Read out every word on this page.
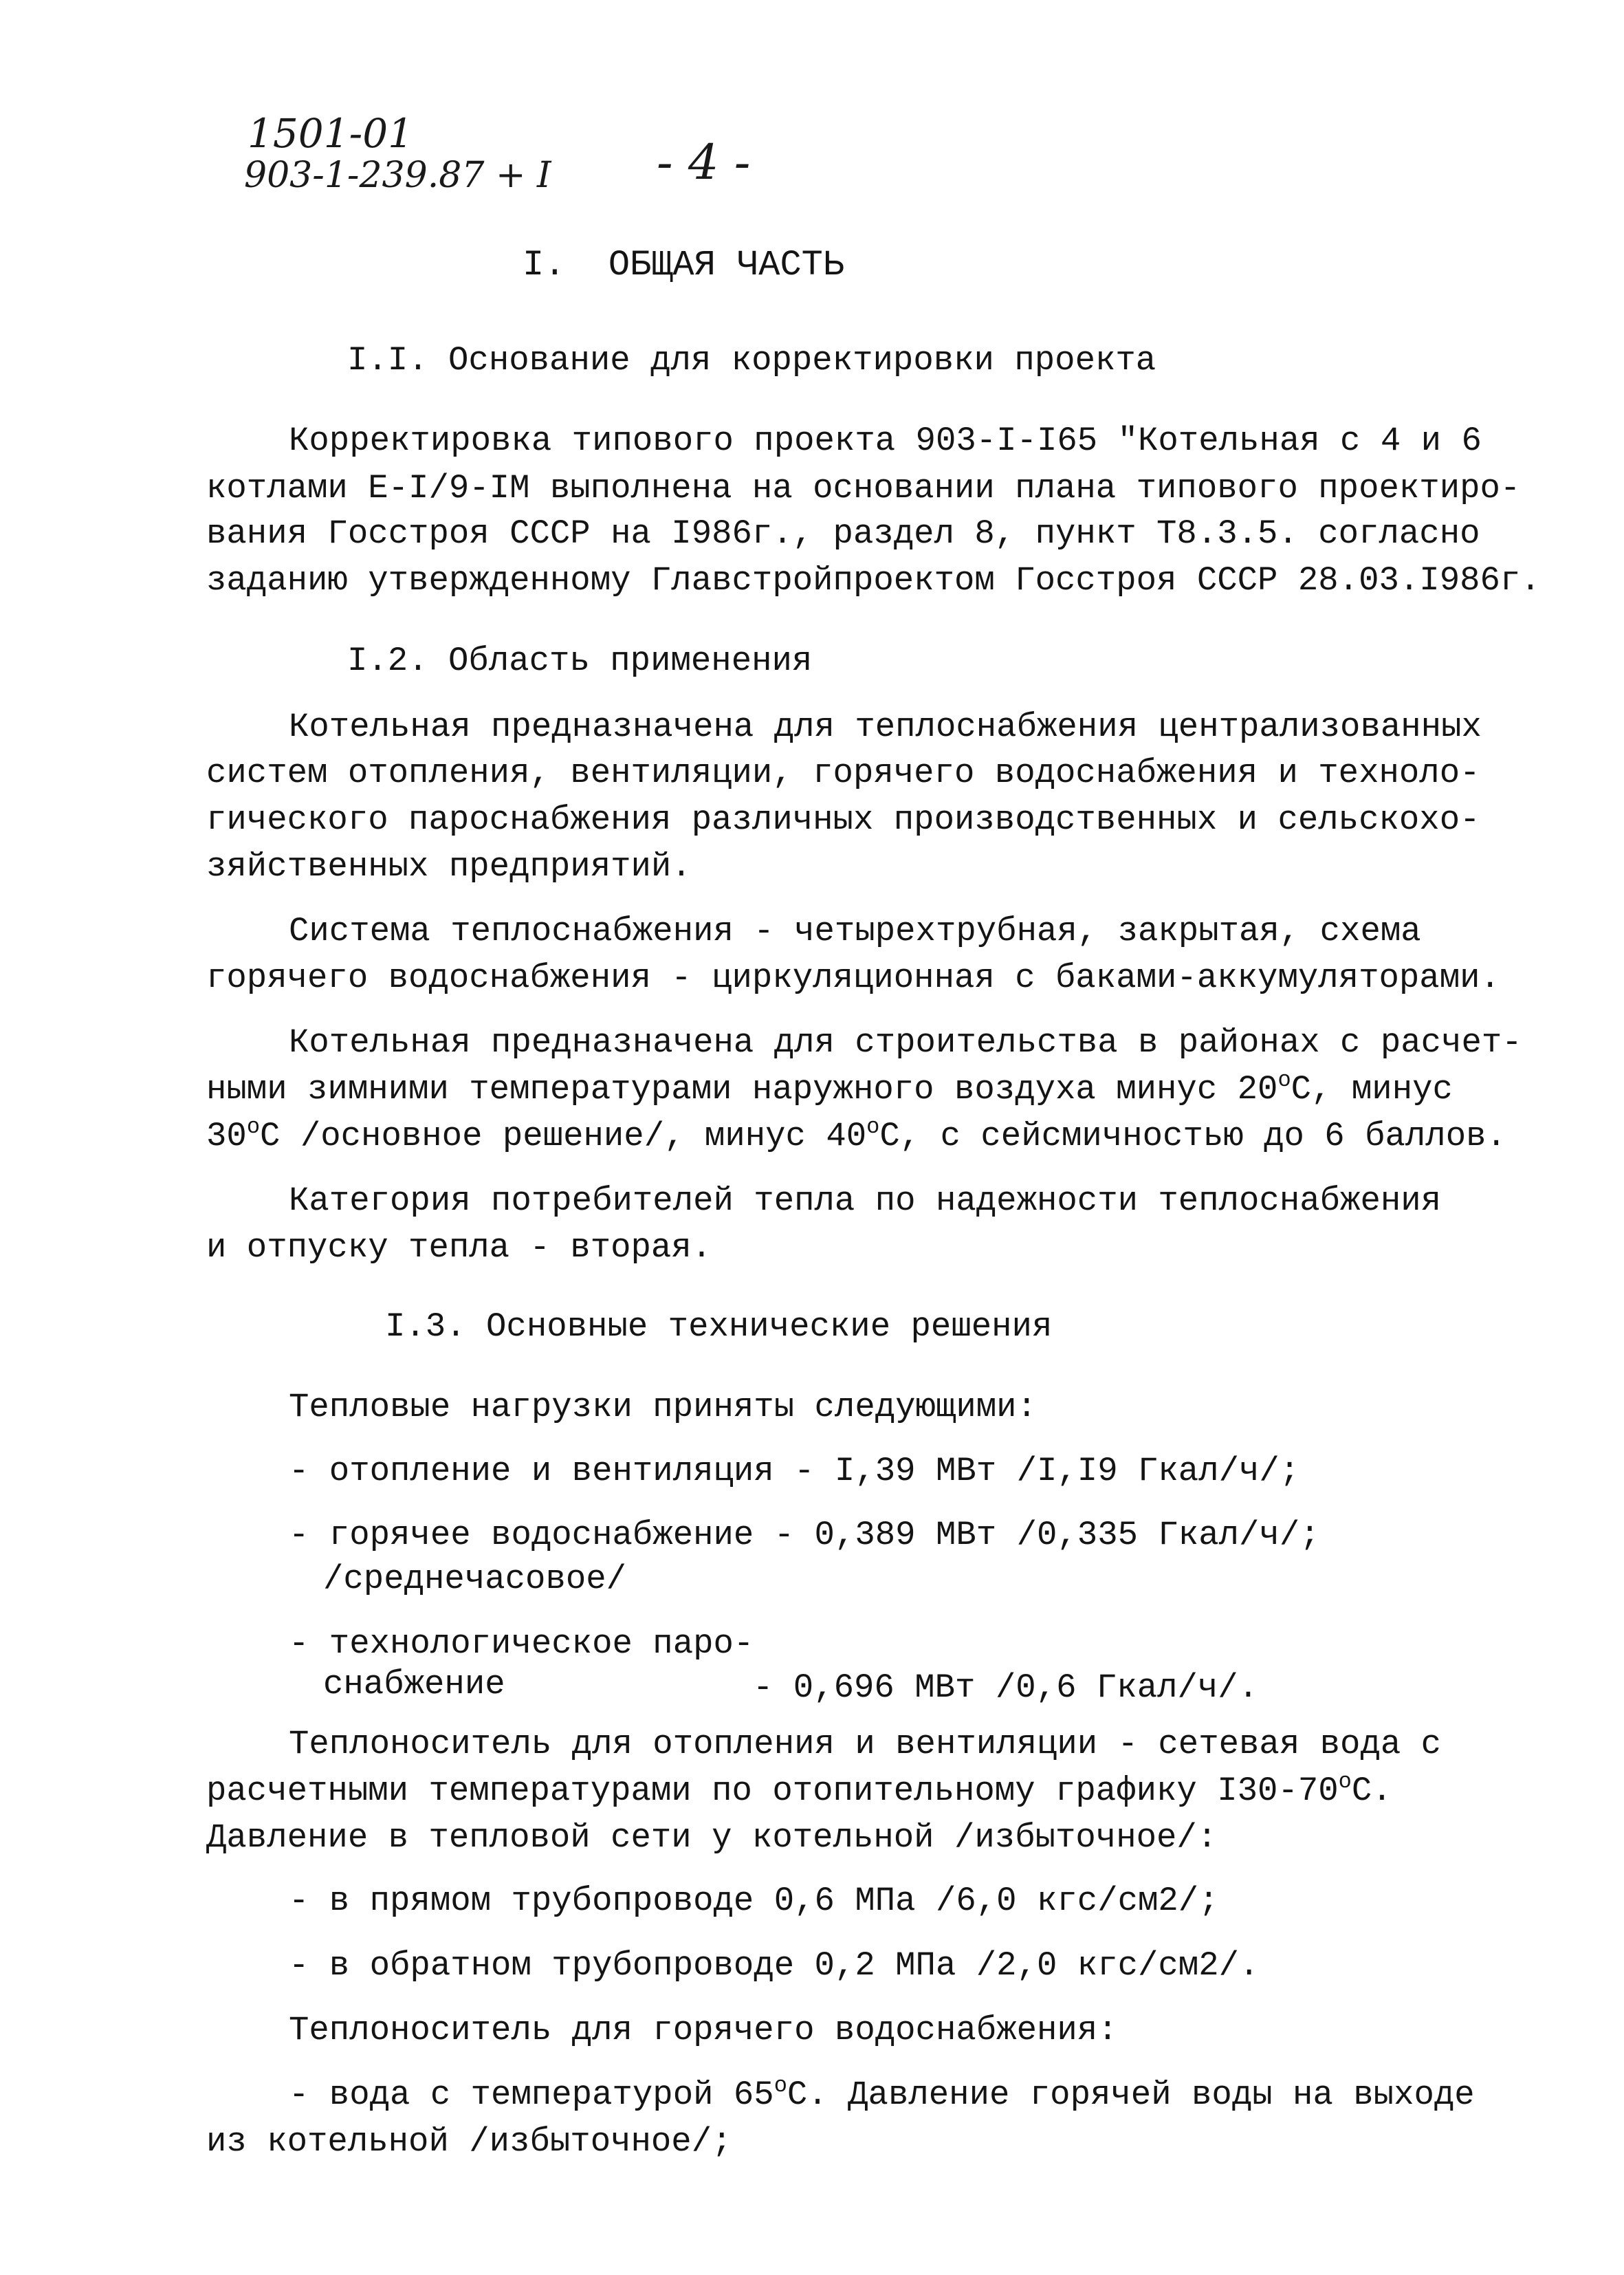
1501-01
903-1-239.87 + I - 4 -
I.  ОБЩАЯ ЧАСТЬ
I.I. Основание для корректировки проекта
Корректировка типового проекта 903-I-I65 "Котельная с 4 и 6
котлами Е-I/9-IМ выполнена на основании плана типового проектиро-
вания Госстроя СССР на I986г., раздел 8, пункт Т8.3.5. согласно
заданию утвержденному Главстройпроектом Госстроя СССР 28.03.I986г.
I.2. Область применения
Котельная предназначена для теплоснабжения централизованных
систем отопления, вентиляции, горячего водоснабжения и техноло-
гического пароснабжения различных производственных и сельскохо-
зяйственных предприятий.
Система теплоснабжения - четырехтрубная, закрытая, схема
горячего водоснабжения - циркуляционная с баками-аккумуляторами.
Котельная предназначена для строительства в районах с расчет-
ными зимними температурами наружного воздуха минус 20$^o$С, минус
30$^o$С /основное решение/, минус 40$^o$С, с сейсмичностью до 6 баллов.
Категория потребителей тепла по надежности теплоснабжения
и отпуску тепла - вторая.
I.3. Основные технические решения
Тепловые нагрузки приняты следующими:
- отопление и вентиляция - I,39 МВт /I,I9 Гкал/ч/;
- горячее водоснабжение - 0,389 МВт /0,335 Гкал/ч/;
/среднечасовое/
- технологическое паро-
снабжение	- 0,696 МВт /0,6 Гкал/ч/.
Теплоноситель для отопления и вентиляции - сетевая вода с
расчетными температурами по отопительному графику I30-70$^o$С.
Давление в тепловой сети у котельной /избыточное/:
- в прямом трубопроводе 0,6 МПа /6,0 кгс/см2/;
- в обратном трубопроводе 0,2 МПа /2,0 кгс/см2/.
Теплоноситель для горячего водоснабжения:
- вода с температурой 65$^o$С. Давление горячей воды на выходе
из котельной /избыточное/;
